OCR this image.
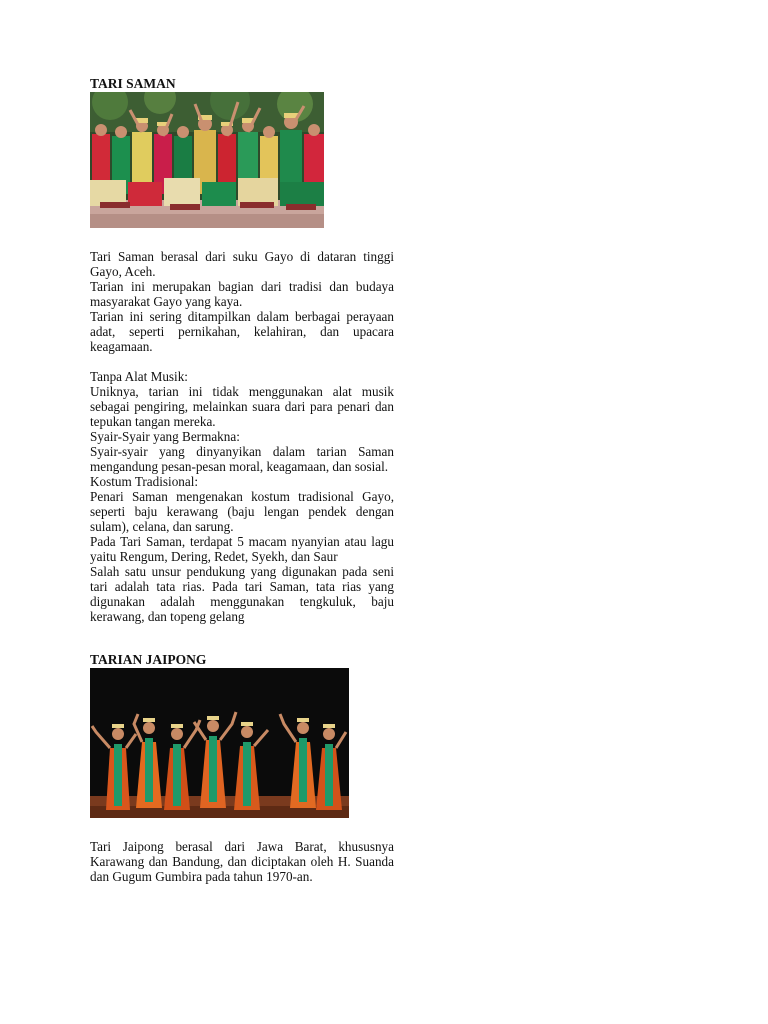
TARI SAMAN

Tari Saman berasal dari suku Gayo di dataran tinggi Gayo, Aceh.

Tarian ini merupakan bagian dari tradisi dan budaya masyarakat Gayo yang kaya.

Tarian ini sering ditampilkan dalam berbagai perayaan adat, seperti pernikahan, kelahiran, dan upacara keagamaan.

Tanpa Alat Musik:

Uniknya, tarian ini tidak menggunakan alat musik sebagai pengiring, melainkan suara dari para penari dan tepukan tangan mereka.

Syair-Syair yang Bermakna:

Syair-syair yang dinyanyikan dalam tarian Saman mengandung pesan-pesan moral, keagamaan, dan sosial.

Kostum Tradisional:

Penari Saman mengenakan kostum tradisional Gayo, seperti baju kerawang (baju lengan pendek dengan sulam), celana, dan sarung.

Pada Tari Saman, terdapat 5 macam nyanyian atau lagu yaitu Rengum, Dering, Redet, Syekh, dan Saur

Salah satu unsur pendukung yang digunakan pada seni tari adalah tata rias. Pada tari Saman, tata rias yang digunakan adalah menggunakan tengkuluk, baju kerawang, dan topeng gelang

TARIAN JAIPONG

Tari Jaipong berasal dari Jawa Barat, khususnya Karawang dan Bandung, dan diciptakan oleh H. Suanda dan Gugum Gumbira pada tahun 1970-an.
